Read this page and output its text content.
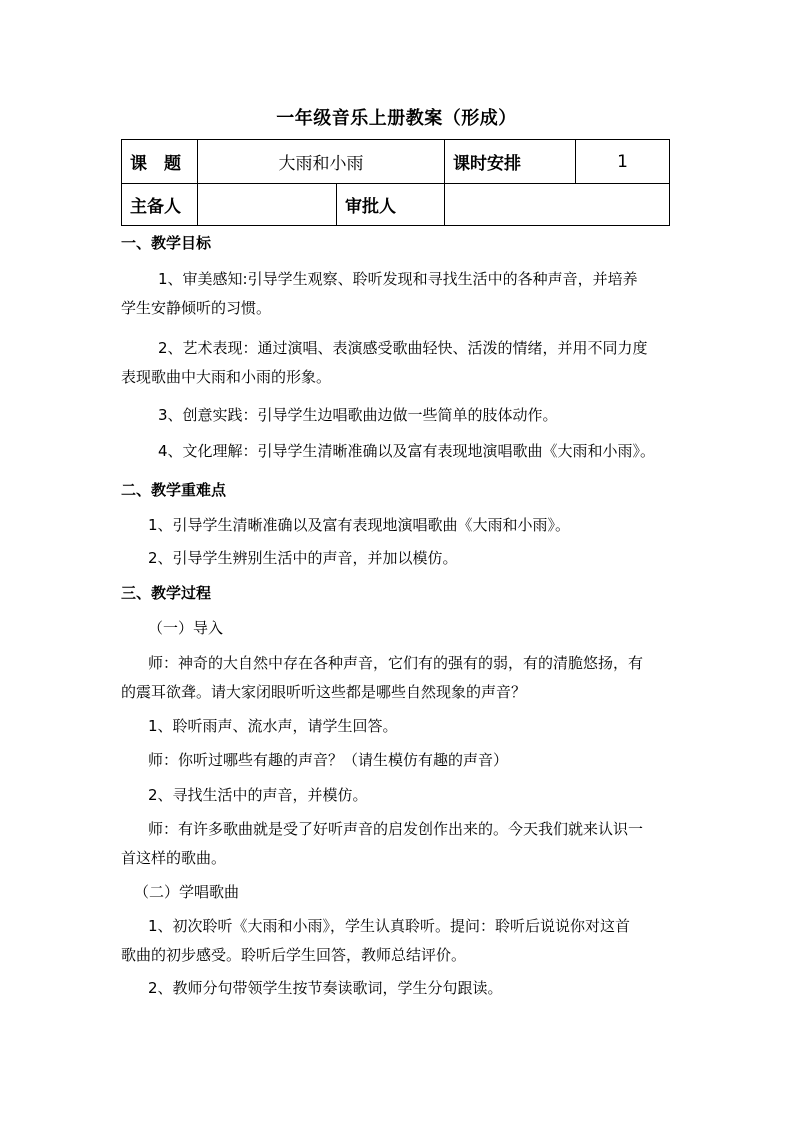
一年级音乐上册教案（形成）
课　题	大雨和小雨		课时安排	1
主备人		审批人		
一、教学目标
1、审美感知:引导学生观察、聆听发现和寻找生活中的各种声音，并培养
学生安静倾听的习惯。
2、艺术表现：通过演唱、表演感受歌曲轻快、活泼的情绪，并用不同力度
表现歌曲中大雨和小雨的形象。
3、创意实践：引导学生边唱歌曲边做一些简单的肢体动作。
4、文化理解：引导学生清晰准确以及富有表现地演唱歌曲《大雨和小雨》。
二、教学重难点
1、引导学生清晰准确以及富有表现地演唱歌曲《大雨和小雨》。
2、引导学生辨别生活中的声音，并加以模仿。
三、教学过程
（一）导入
师：神奇的大自然中存在各种声音，它们有的强有的弱，有的清脆悠扬，有
的震耳欲聋。请大家闭眼听听这些都是哪些自然现象的声音？
1、聆听雨声、流水声，请学生回答。
师：你听过哪些有趣的声音？（请生模仿有趣的声音）
2、寻找生活中的声音，并模仿。
师：有许多歌曲就是受了好听声音的启发创作出来的。今天我们就来认识一
首这样的歌曲。
（二）学唱歌曲
1、初次聆听《大雨和小雨》，学生认真聆听。提问：聆听后说说你对这首
歌曲的初步感受。聆听后学生回答，教师总结评价。
2、教师分句带领学生按节奏读歌词，学生分句跟读。
